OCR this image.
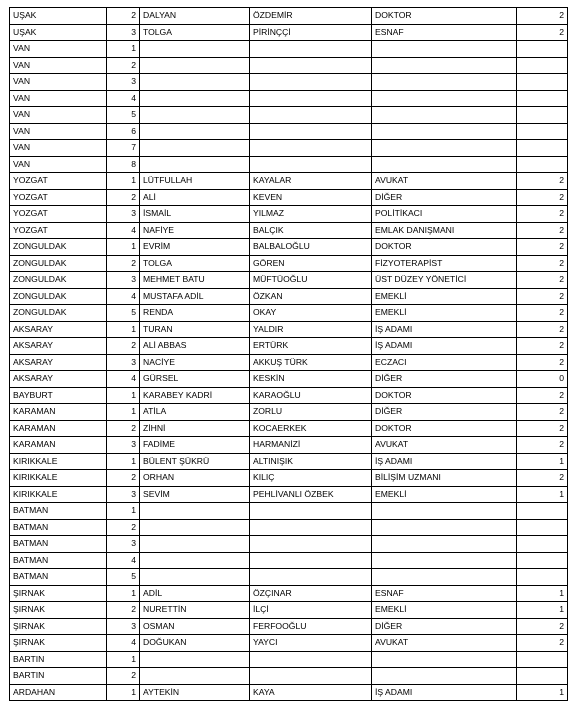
UŞAK	2	DALYAN	ÖZDEMİR	DOKTOR	2
UŞAK	3	TOLGA	PİRİNÇÇİ	ESNAF	2
VAN	1				
VAN	2				
VAN	3				
VAN	4				
VAN	5				
VAN	6				
VAN	7				
VAN	8				
YOZGAT	1	LÜTFULLAH	KAYALAR	AVUKAT	2
YOZGAT	2	ALİ	KEVEN	DİĞER	2
YOZGAT	3	İSMAİL	YILMAZ	POLİTİKACI	2
YOZGAT	4	NAFİYE	BALÇIK	EMLAK DANIŞMANI	2
ZONGULDAK	1	EVRİM	BALBALOĞLU	DOKTOR	2
ZONGULDAK	2	TOLGA	GÖREN	FİZYOTERAPİST	2
ZONGULDAK	3	MEHMET BATU	MÜFTÜOĞLU	ÜST DÜZEY YÖNETİCİ	2
ZONGULDAK	4	MUSTAFA ADİL	ÖZKAN	EMEKLİ	2
ZONGULDAK	5	RENDA	OKAY	EMEKLİ	2
AKSARAY	1	TURAN	YALDIR	İŞ ADAMI	2
AKSARAY	2	ALİ ABBAS	ERTÜRK	İŞ ADAMI	2
AKSARAY	3	NACİYE	AKKUŞ TÜRK	ECZACI	2
AKSARAY	4	GÜRSEL	KESKİN	DİĞER	0
BAYBURT	1	KARABEY KADRİ	KARAOĞLU	DOKTOR	2
KARAMAN	1	ATİLA	ZORLU	DİĞER	2
KARAMAN	2	ZİHNİ	KOCAERKEK	DOKTOR	2
KARAMAN	3	FADİME	HARMANİZİ	AVUKAT	2
KIRIKKALE	1	BÜLENT ŞÜKRÜ	ALTINIŞIK	İŞ ADAMI	1
KIRIKKALE	2	ORHAN	KILIÇ	BİLİŞİM UZMANI	2
KIRIKKALE	3	SEVİM	PEHLİVANLI ÖZBEK	EMEKLİ	1
BATMAN	1				
BATMAN	2				
BATMAN	3				
BATMAN	4				
BATMAN	5				
ŞIRNAK	1	ADİL	ÖZÇINAR	ESNAF	1
ŞIRNAK	2	NURETTİN	İLÇİ	EMEKLİ	1
ŞIRNAK	3	OSMAN	FERFOOĞLU	DİĞER	2
ŞIRNAK	4	DOĞUKAN	YAYCI	AVUKAT	2
BARTIN	1				
BARTIN	2				
ARDAHAN	1	AYTEKİN	KAYA	İŞ ADAMI	1
